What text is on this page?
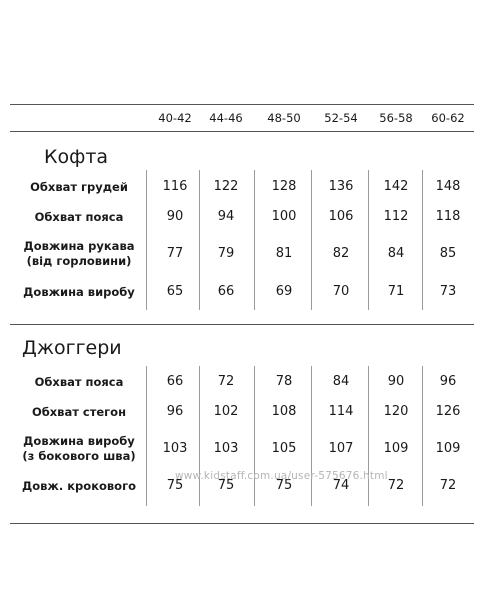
40-42	44-46	48-50	52-54	56-58	60-62
Кофта
Обхват грудей	116	122	128	136	142	148
Обхват пояса	90	94	100	106	112	118
Довжина рукава
(від горловини)	77	79	81	82	84	85
Довжина виробу	65	66	69	70	71	73
Джоггери
Обхват пояса	66	72	78	84	90	96
Обхват стегон	96	102	108	114	120	126
Довжина виробу
(з бокового шва)	103	103	105	107	109	109
Довж. крокового	75	75	75	74	72	72
www.kidstaff.com.ua/user-575676.html
